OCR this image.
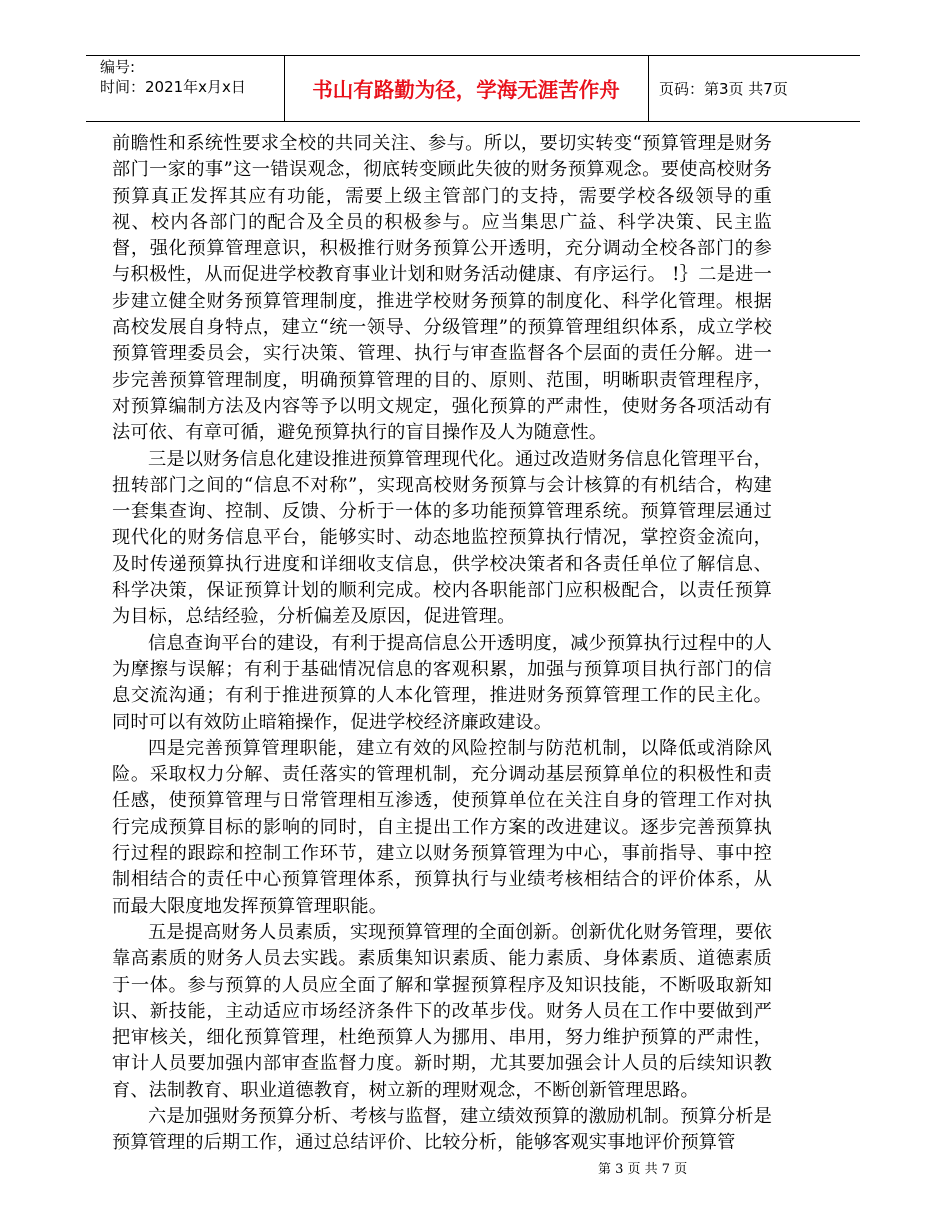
编号:
时间：2021年x月x日	书山有路勤为径，学海无涯苦作舟	页码：第3页 共7页

前瞻性和系统性要求全校的共同关注、参与。所以，要切实转变“预算管理是财务部门一家的事”这一错误观念，彻底转变顾此失彼的财务预算观念。要使高校财务预算真正发挥其应有功能，需要上级主管部门的支持，需要学校各级领导的重视、校内各部门的配合及全员的积极参与。应当集思广益、科学决策、民主监督，强化预算管理意识，积极推行财务预算公开透明，充分调动全校各部门的参与积极性，从而促进学校教育事业计划和财务活动健康、有序运行。 !｝二是进一步建立健全财务预算管理制度，推进学校财务预算的制度化、科学化管理。根据高校发展自身特点，建立“统一领导、分级管理”的预算管理组织体系，成立学校预算管理委员会，实行决策、管理、执行与审查监督各个层面的责任分解。进一步完善预算管理制度，明确预算管理的目的、原则、范围，明晰职责管理程序，对预算编制方法及内容等予以明文规定，强化预算的严肃性，使财务各项活动有法可依、有章可循，避免预算执行的盲目操作及人为随意性。

三是以财务信息化建设推进预算管理现代化。通过改造财务信息化管理平台，扭转部门之间的“信息不对称”，实现高校财务预算与会计核算的有机结合，构建一套集查询、控制、反馈、分析于一体的多功能预算管理系统。预算管理层通过现代化的财务信息平台，能够实时、动态地监控预算执行情况，掌控资金流向，及时传递预算执行进度和详细收支信息，供学校决策者和各责任单位了解信息、科学决策，保证预算计划的顺利完成。校内各职能部门应积极配合，以责任预算为目标，总结经验，分析偏差及原因，促进管理。

信息查询平台的建设，有利于提高信息公开透明度，减少预算执行过程中的人为摩擦与误解；有利于基础情况信息的客观积累，加强与预算项目执行部门的信息交流沟通；有利于推进预算的人本化管理，推进财务预算管理工作的民主化。同时可以有效防止暗箱操作，促进学校经济廉政建设。

四是完善预算管理职能，建立有效的风险控制与防范机制，以降低或消除风险。采取权力分解、责任落实的管理机制，充分调动基层预算单位的积极性和责任感，使预算管理与日常管理相互渗透，使预算单位在关注自身的管理工作对执行完成预算目标的影响的同时，自主提出工作方案的改进建议。逐步完善预算执行过程的跟踪和控制工作环节，建立以财务预算管理为中心，事前指导、事中控制相结合的责任中心预算管理体系，预算执行与业绩考核相结合的评价体系，从而最大限度地发挥预算管理职能。

五是提高财务人员素质，实现预算管理的全面创新。创新优化财务管理，要依靠高素质的财务人员去实践。素质集知识素质、能力素质、身体素质、道德素质于一体。参与预算的人员应全面了解和掌握预算程序及知识技能，不断吸取新知识、新技能，主动适应市场经济条件下的改革步伐。财务人员在工作中要做到严把审核关，细化预算管理，杜绝预算人为挪用、串用，努力维护预算的严肃性，审计人员要加强内部审查监督力度。新时期，尤其要加强会计人员的后续知识教育、法制教育、职业道德教育，树立新的理财观念，不断创新管理思路。

六是加强财务预算分析、考核与监督，建立绩效预算的激励机制。预算分析是预算管理的后期工作，通过总结评价、比较分析，能够客观实事地评价预算管

第 3 页 共 7 页
